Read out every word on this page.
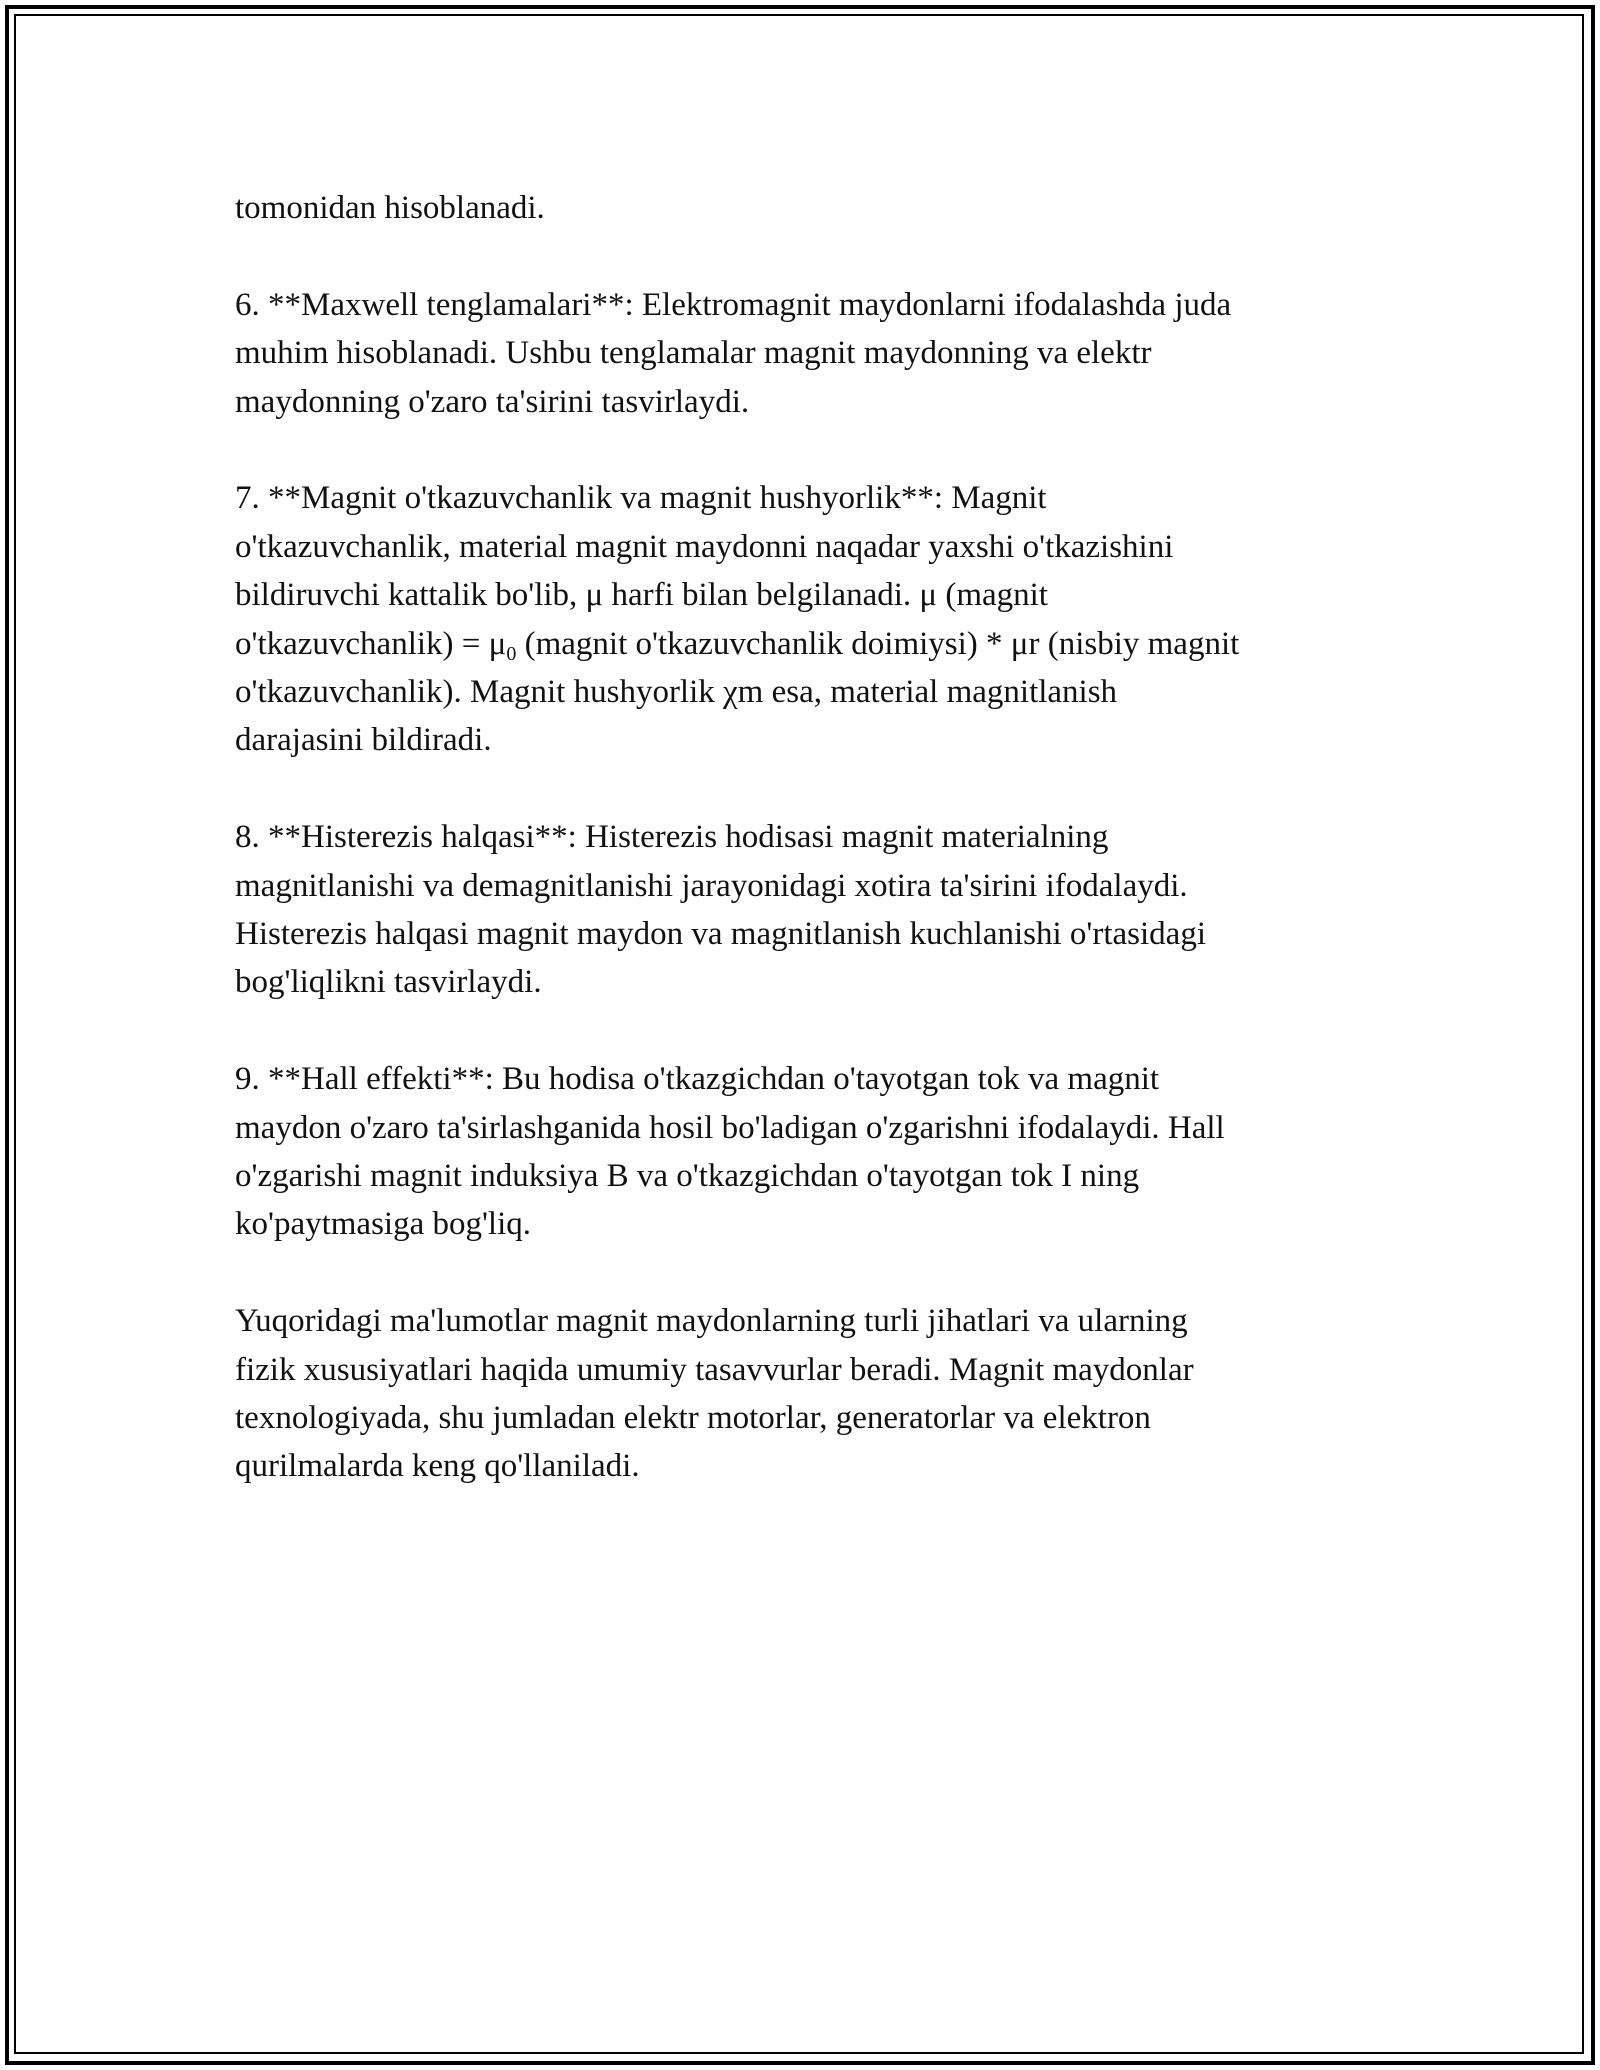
tomonidan hisoblanadi.

6. **Maxwell tenglamalari**: Elektromagnit maydonlarni ifodalashda juda
muhim hisoblanadi. Ushbu tenglamalar magnit maydonning va elektr
maydonning o'zaro ta'sirini tasvirlaydi.

7. **Magnit o'tkazuvchanlik va magnit hushyorlik**: Magnit
o'tkazuvchanlik, material magnit maydonni naqadar yaxshi o'tkazishini
bildiruvchi kattalik bo'lib, μ harfi bilan belgilanadi. μ (magnit
o'tkazuvchanlik) = $\mu_0$ (magnit o'tkazuvchanlik doimiysi) * μr (nisbiy magnit
o'tkazuvchanlik). Magnit hushyorlik χm esa, material magnitlanish
darajasini bildiradi.

8. **Histerezis halqasi**: Histerezis hodisasi magnit materialning
magnitlanishi va demagnitlanishi jarayonidagi xotira ta'sirini ifodalaydi.
Histerezis halqasi magnit maydon va magnitlanish kuchlanishi o'rtasidagi
bog'liqlikni tasvirlaydi.

9. **Hall effekti**: Bu hodisa o'tkazgichdan o'tayotgan tok va magnit
maydon o'zaro ta'sirlashganida hosil bo'ladigan o'zgarishni ifodalaydi. Hall
o'zgarishi magnit induksiya B va o'tkazgichdan o'tayotgan tok I ning
ko'paytmasiga bog'liq.

Yuqoridagi ma'lumotlar magnit maydonlarning turli jihatlari va ularning
fizik xususiyatlari haqida umumiy tasavvurlar beradi. Magnit maydonlar
texnologiyada, shu jumladan elektr motorlar, generatorlar va elektron
qurilmalarda keng qo'llaniladi.
